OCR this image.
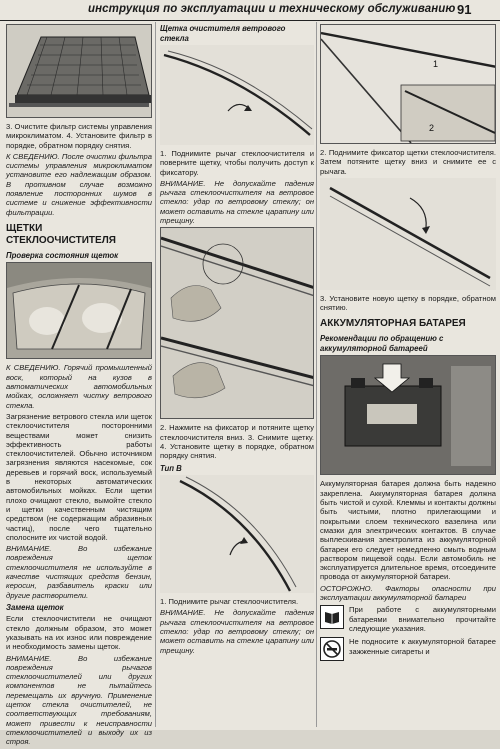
инструкция по эксплуатации и техническому обслуживанию 91

3. Очистите фильтр системы управления микроклиматом. 4. Установите фильтр в порядке, обратном порядку снятия.

К СВЕДЕНИЮ. После очистки фильтра системы управления микроклиматом установите его надлежащим образом. В противном случае возможно появление посторонних шумов в системе и снижение эффективности фильтрации.

ЩЕТКИ СТЕКЛООЧИСТИТЕЛЯ
Проверка состояния щеток

К СВЕДЕНИЮ. Горячий промышленный воск, который на кузов в автоматических автомобильных мойках, осложняет чистку ветрового стекла.

Загрязнение ветрового стекла или щеток стеклоочистителя посторонними веществами может снизить эффективность работы стеклоочистителей. Обычно источником загрязнения являются насекомые, сок деревьев и горячий воск, используемый в некоторых автоматических автомобильных мойках. Если щетки плохо очищают стекло, вымойте стекло и щетки качественным чистящим средством (не содержащим абразивных частиц), после чего тщательно сполосните их чистой водой.

ВНИМАНИЕ. Во избежание повреждения щеток стеклоочистителя не используйте в качестве чистящих средств бензин, керосин, разбавитель краски или другие растворители.

Замена щеток

Если стеклоочистители не очищают стекло должным образом, это может указывать на их износ или повреждение и необходимость замены щеток.

ВНИМАНИЕ. Во избежание повреждения рычагов стеклоочистителей или других компонентов не пытайтесь перемещать их вручную. Применение щеток стекла очистителей, не соответствующих требованиям, может привести к неисправности стеклоочистителей и выходу их из строя.

Щетка очистителя ветрового стекла

1. Поднимите рычаг стеклоочистителя и поверните щетку, чтобы получить доступ к фиксатору.

ВНИМАНИЕ. Не допускайте падения рычага стеклоочистителя на ветровое стекло: удар по ветровому стеклу; он может оставить на стекле царапину или трещину.

2. Нажмите на фиксатор и потяните щетку стеклоочистителя вниз. 3. Снимите щетку. 4. Установите щетку в порядке, обратном порядку снятия.

Тип В

1. Поднимите рычаг стеклоочистителя.

ВНИМАНИЕ. Не допускайте падения рычага стеклоочистителя на ветровое стекло: удар по ветровому стеклу; он может оставить на стекле царапину или трещину.

1
2

2. Поднимите фиксатор щетки стеклоочистителя. Затем потяните щетку вниз и снимите ее с рычага.

3. Установите новую щетку в порядке, обратном снятию.

АККУМУЛЯТОРНАЯ БАТАРЕЯ
Рекомендации по обращению с аккумуляторной батареей

Аккумуляторная батарея должна быть надежно закреплена. Аккумуляторная батарея должна быть чистой и сухой. Клеммы и контакты должны быть чистыми, плотно прилегающими и покрытыми слоем технического вазелина или смазки для электрических контактов. В случае выплескивания электролита из аккумуляторной батареи его следует немедленно смыть водным раствором пищевой соды. Если автомобиль не эксплуатируется длительное время, отсоедините провода от аккумуляторной батареи.

ОСТОРОЖНО. Факторы опасности при эксплуатации аккумуляторной батареи

При работе с аккумуляторными батареями внимательно прочитайте следующие указания.

Не подносите к аккумуляторной батарее зажженные сигареты и
